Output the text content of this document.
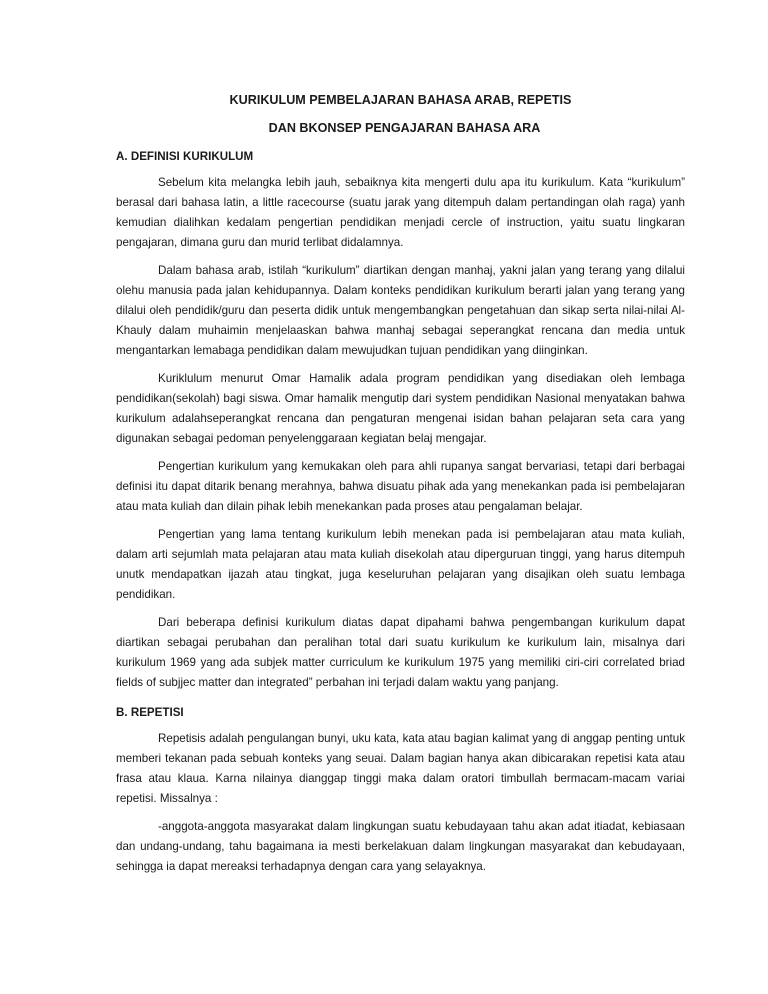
KURIKULUM PEMBELAJARAN BAHASA ARAB, REPETIS

DAN BKONSEP PENGAJARAN BAHASA ARA

A. DEFINISI KURIKULUM

Sebelum kita melangka lebih jauh, sebaiknya kita mengerti dulu apa itu kurikulum. Kata “kurikulum” berasal dari bahasa latin, a little racecourse (suatu jarak yang ditempuh dalam pertandingan olah raga) yanh kemudian dialihkan kedalam pengertian pendidikan menjadi cercle of instruction, yaitu suatu lingkaran pengajaran, dimana guru dan murid terlibat didalamnya.

Dalam bahasa arab, istilah “kurikulum” diartikan dengan manhaj, yakni jalan yang terang yang dilalui olehu manusia pada jalan kehidupannya. Dalam konteks pendidikan kurikulum berarti jalan yang terang yang dilalui oleh pendidik/guru dan peserta didik untuk mengembangkan pengetahuan dan sikap serta nilai-nilai Al-Khauly dalam muhaimin menjelaaskan bahwa manhaj sebagai seperangkat rencana dan media untuk mengantarkan lemabaga pendidikan dalam mewujudkan tujuan pendidikan yang diinginkan.

Kuriklulum menurut Omar Hamalik adala program pendidikan yang disediakan oleh lembaga pendidikan(sekolah) bagi siswa. Omar hamalik mengutip dari system pendidikan Nasional menyatakan bahwa kurikulum adalahseperangkat rencana dan pengaturan mengenai isidan bahan pelajaran seta cara yang digunakan sebagai pedoman penyelenggaraan kegiatan belaj mengajar.

Pengertian kurikulum yang kemukakan oleh para ahli rupanya sangat bervariasi, tetapi dari berbagai definisi itu dapat ditarik benang merahnya, bahwa disuatu pihak ada yang menekankan pada isi pembelajaran atau mata kuliah dan dilain pihak lebih menekankan pada proses atau pengalaman belajar.

Pengertian yang lama tentang kurikulum lebih menekan pada isi pembelajaran atau mata kuliah, dalam arti sejumlah mata pelajaran atau mata kuliah disekolah atau diperguruan tinggi, yang harus ditempuh unutk mendapatkan ijazah atau tingkat, juga keseluruhan pelajaran yang disajikan oleh suatu lembaga pendidikan.

Dari beberapa definisi kurikulum diatas dapat dipahami bahwa pengembangan kurikulum dapat diartikan sebagai perubahan dan peralihan total dari suatu kurikulum ke kurikulum lain, misalnya dari kurikulum 1969 yang ada subjek matter curriculum ke kurikulum 1975 yang memiliki ciri-ciri correlated briad fields of subjjec matter dan integrated” perbahan ini terjadi dalam waktu yang panjang.

B. REPETISI

Repetisis adalah pengulangan bunyi, uku kata, kata atau bagian kalimat yang di anggap penting untuk memberi tekanan pada sebuah konteks yang seuai. Dalam bagian hanya akan dibicarakan repetisi kata atau frasa atau klaua. Karna nilainya dianggap tinggi maka dalam oratori timbullah bermacam-macam variai repetisi. Missalnya :

-anggota-anggota masyarakat dalam lingkungan suatu kebudayaan tahu akan adat itiadat, kebiasaan dan undang-undang, tahu bagaimana ia mesti berkelakuan dalam lingkungan masyarakat dan kebudayaan, sehingga ia dapat mereaksi terhadapnya dengan cara yang selayaknya.
